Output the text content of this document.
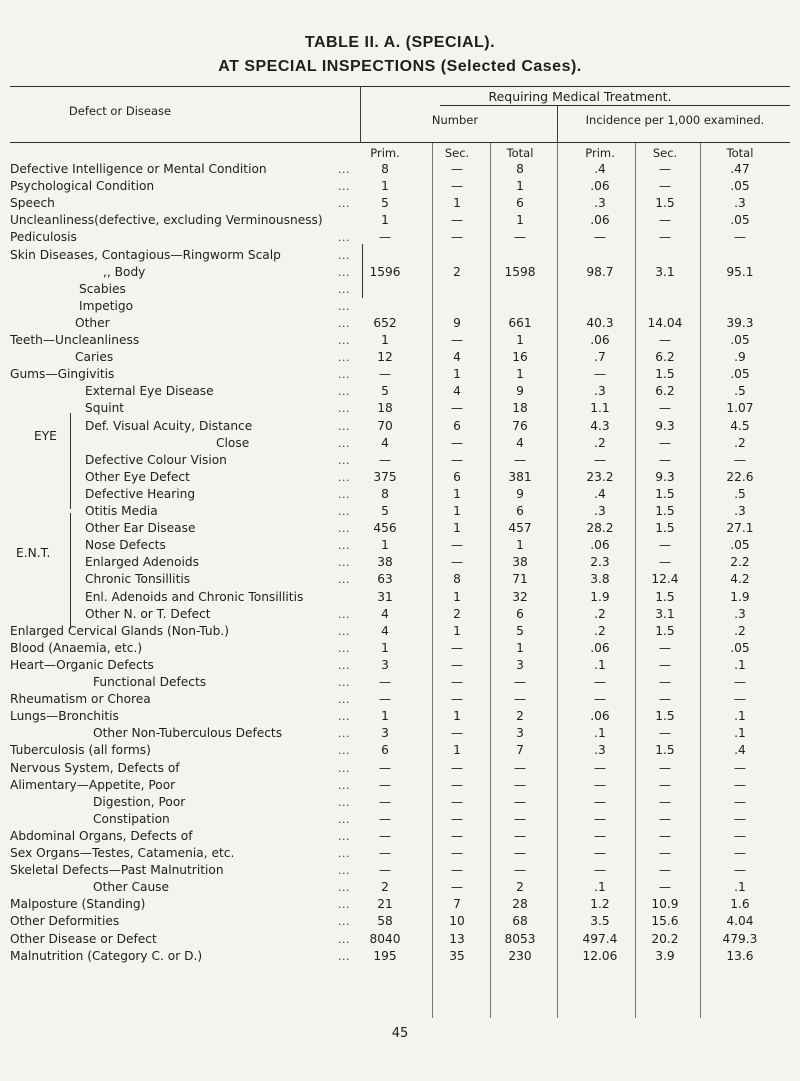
TABLE II. A. (SPECIAL).
AT SPECIAL INSPECTIONS (Selected Cases).
Defect or Disease
Requiring Medical Treatment.
Number	Incidence per 1,000 examined.
Prim.	Sec.	Total	Prim.	Sec.	Total
Defective Intelligence or Mental Condition	...	8	—	8	.4	—	.47
Psychological Condition	...	1	—	1	.06	—	.05
Speech	...	5	1	6	.3	1.5	.3
Uncleanliness(defective, excluding Verminousness)	1	—	1	.06	—	.05
Pediculosis	...	—	—	—	—	—	—
Skin Diseases, Contagious—Ringworm Scalp	...
,, Body	...	1596	2	1598	98.7	3.1	95.1
Scabies	...
Impetigo	...
Other	...	652	9	661	40.3	14.04	39.3
Teeth—Uncleanliness	...	1	—	1	.06	—	.05
Caries	...	12	4	16	.7	6.2	.9
Gums—Gingivitis	...	—	1	1	—	1.5	.05
External Eye Disease	...	5	4	9	.3	6.2	.5
Squint	...	18	—	18	1.1	—	1.07
Def. Visual Acuity, Distance	...	70	6	76	4.3	9.3	4.5
Close	...	4	—	4	.2	—	.2
Defective Colour Vision	...	—	—	—	—	—	—
Other Eye Defect	...	375	6	381	23.2	9.3	22.6
Defective Hearing	...	8	1	9	.4	1.5	.5
Otitis Media	...	5	1	6	.3	1.5	.3
Other Ear Disease	...	456	1	457	28.2	1.5	27.1
Nose Defects	...	1	—	1	.06	—	.05
Enlarged Adenoids	...	38	—	38	2.3	—	2.2
Chronic Tonsillitis	...	63	8	71	3.8	12.4	4.2
Enl. Adenoids and Chronic Tonsillitis	31	1	32	1.9	1.5	1.9
Other N. or T. Defect	...	4	2	6	.2	3.1	.3
Enlarged Cervical Glands (Non-Tub.)	...	4	1	5	.2	1.5	.2
Blood (Anaemia, etc.)	...	1	—	1	.06	—	.05
Heart—Organic Defects	...	3	—	3	.1	—	.1
Functional Defects	...	—	—	—	—	—	—
Rheumatism or Chorea	...	—	—	—	—	—	—
Lungs—Bronchitis	...	1	1	2	.06	1.5	.1
Other Non-Tuberculous Defects	...	3	—	3	.1	—	.1
Tuberculosis (all forms)	...	6	1	7	.3	1.5	.4
Nervous System, Defects of	...	—	—	—	—	—	—
Alimentary—Appetite, Poor	...	—	—	—	—	—	—
Digestion, Poor	...	—	—	—	—	—	—
Constipation	...	—	—	—	—	—	—
Abdominal Organs, Defects of	...	—	—	—	—	—	—
Sex Organs—Testes, Catamenia, etc.	...	—	—	—	—	—	—
Skeletal Defects—Past Malnutrition	...	—	—	—	—	—	—
Other Cause	...	2	—	2	.1	—	.1
Malposture (Standing)	...	21	7	28	1.2	10.9	1.6
Other Deformities	...	58	10	68	3.5	15.6	4.04
Other Disease or Defect	...	8040	13	8053	497.4	20.2	479.3
Malnutrition (Category C. or D.)	...	195	35	230	12.06	3.9	13.6
EYE
E.N.T.
45
